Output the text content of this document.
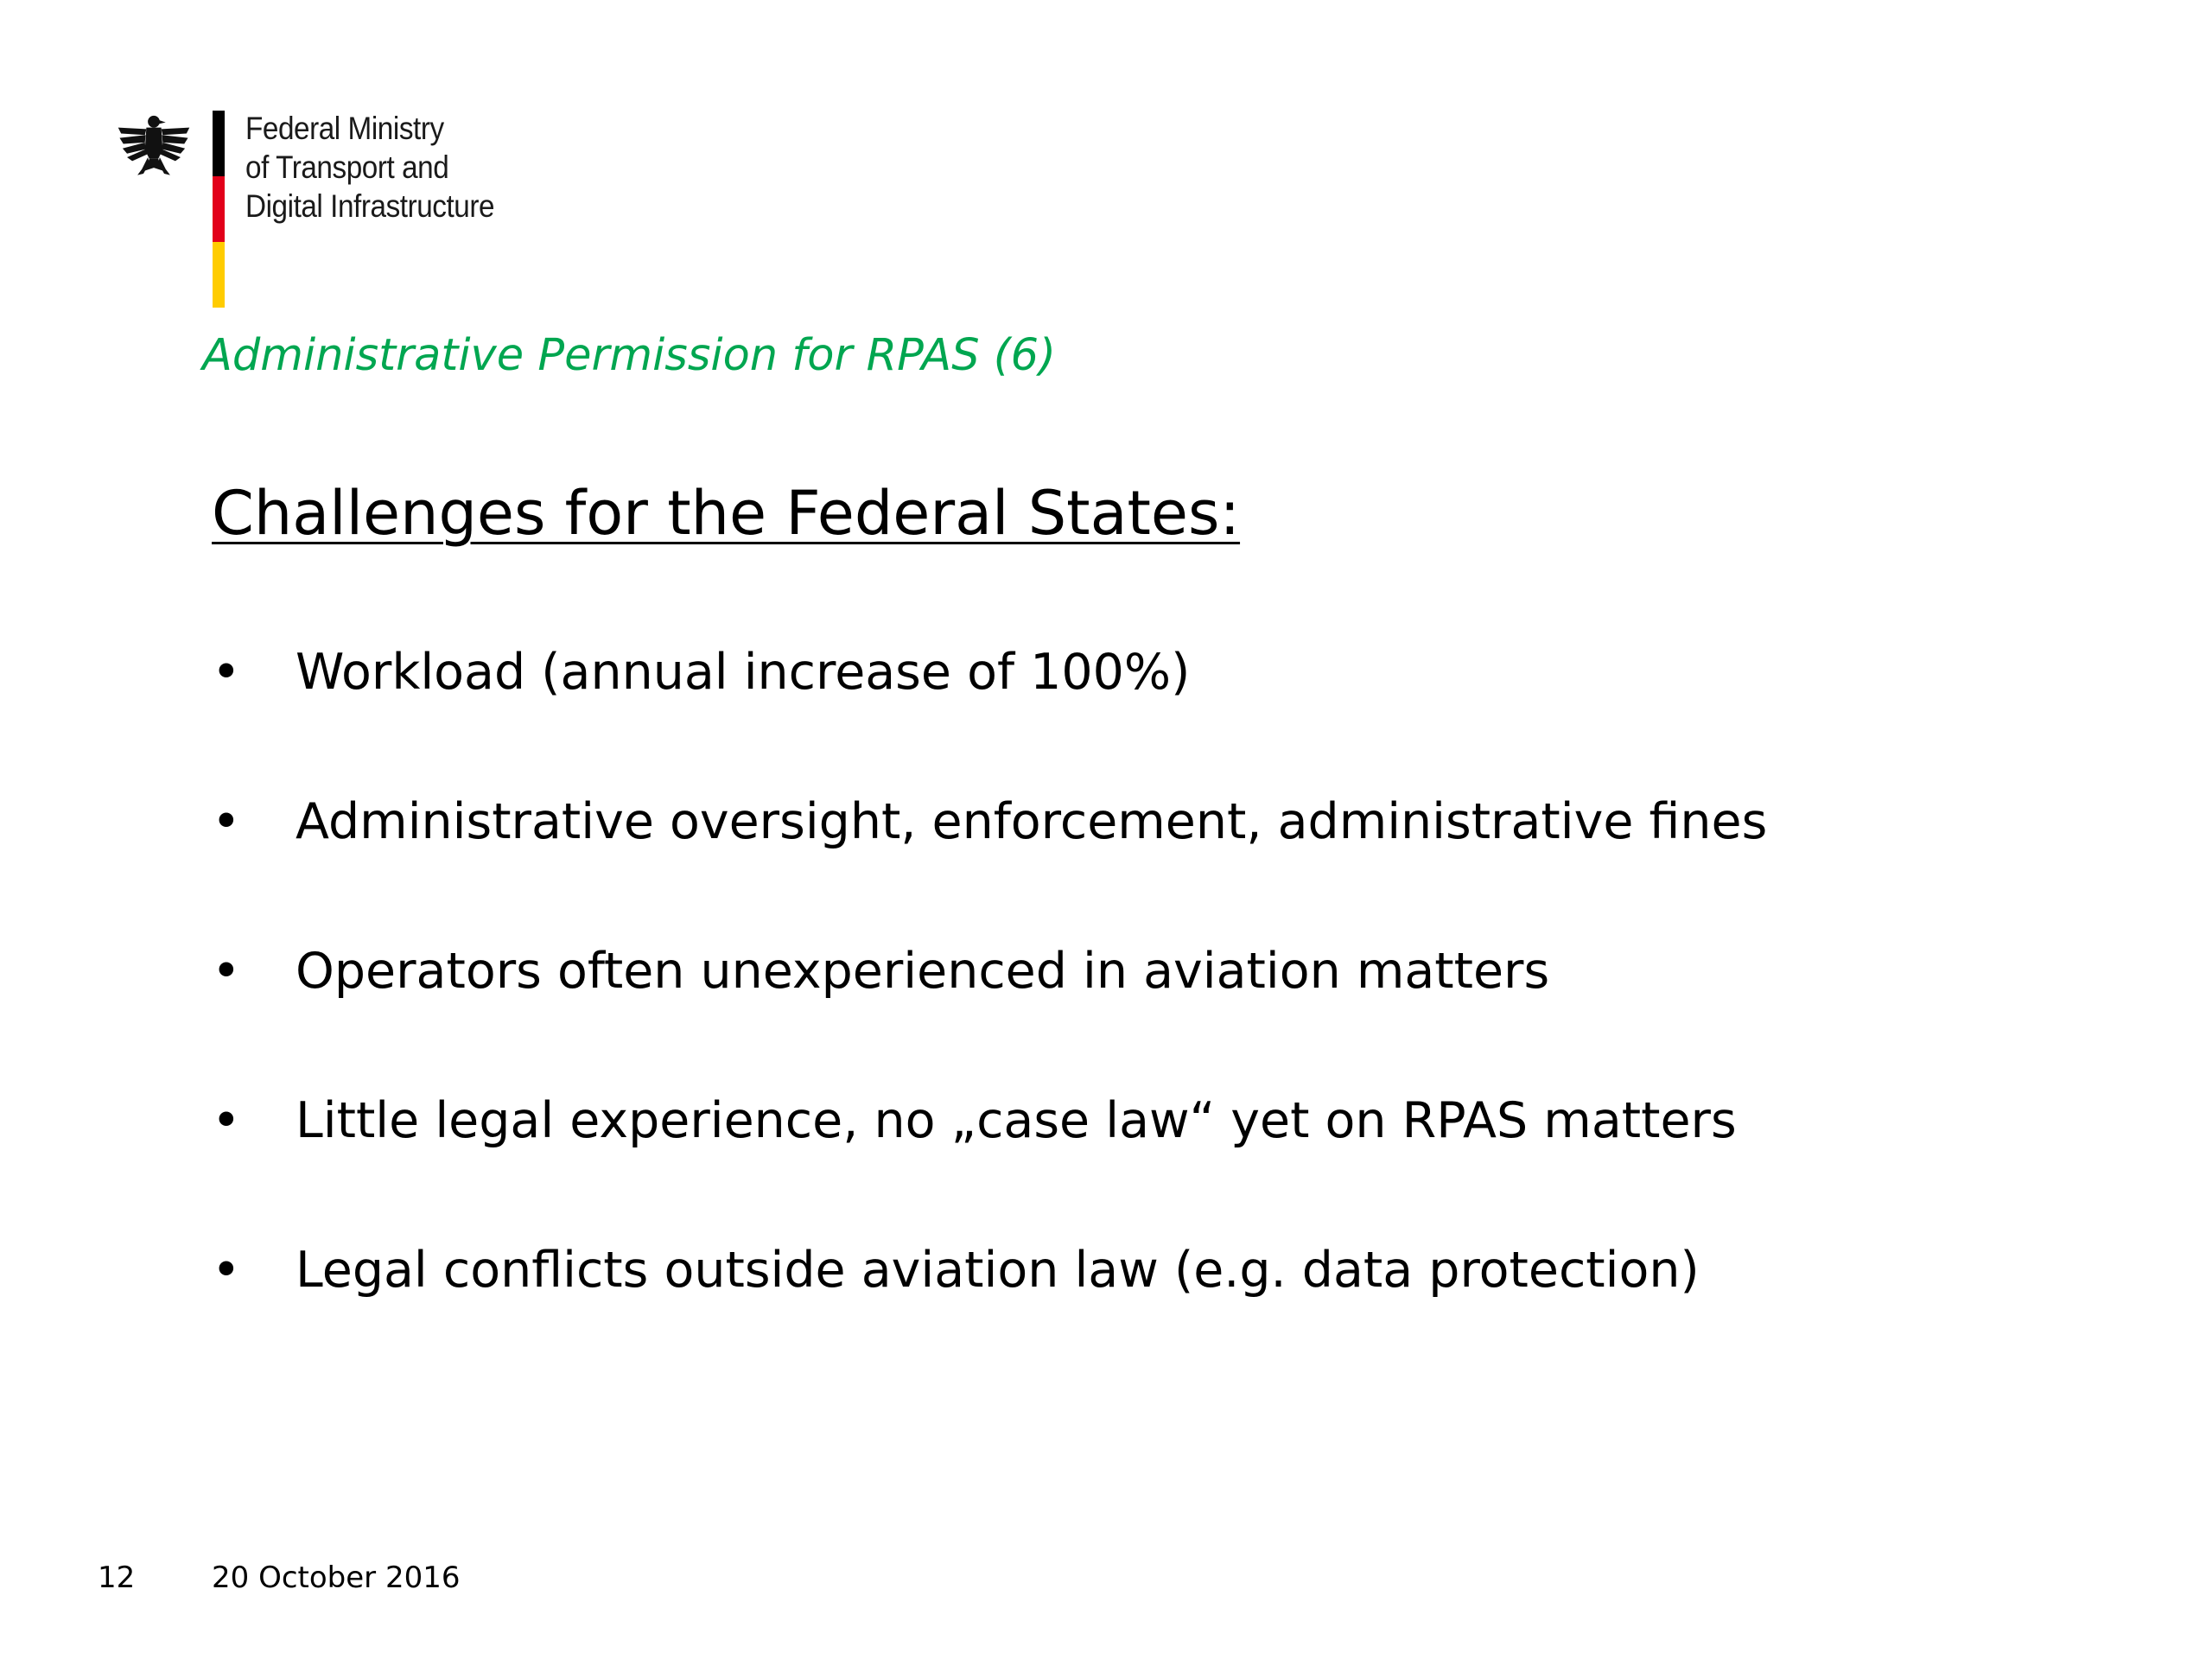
Federal Ministry
of Transport and
Digital Infrastructure
Administrative Permission for RPAS (6)
Challenges for the Federal States:
• Workload (annual increase of 100%)
• Administrative oversight, enforcement, administrative fines
• Operators often unexperienced in aviation matters
• Little legal experience, no „case law“ yet on RPAS matters
• Legal conflicts outside aviation law (e.g. data protection)
12	20 October 2016
